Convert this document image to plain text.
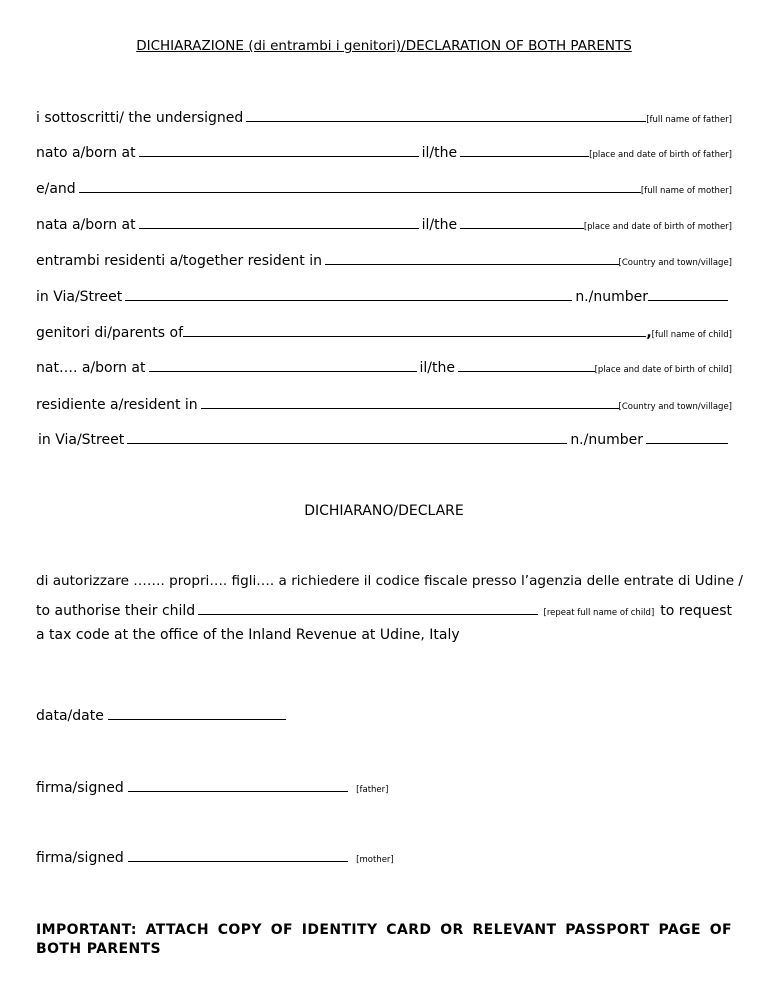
DICHIARAZIONE (di entrambi i genitori)/DECLARATION OF BOTH PARENTS
i sottoscritti/ the undersigned	[full name of father]
nato a/born at	il/the	[place and date of birth of father]
e/and	[full name of mother]
nata a/born at	il/the	[place and date of birth of mother]
entrambi residenti a/together resident in	[Country and town/village]
in Via/Street	n./number
genitori di/parents of	, [full name of child]
nat…. a/born at	il/the	[place and date of birth of child]
residiente a/resident in	[Country and town/village]
in Via/Street	n./number
DICHIARANO/DECLARE
di autorizzare ……. propri…. figli…. a richiedere il codice fiscale presso l’agenzia delle entrate di Udine /
to authorise their child	[repeat full name of child] to request
a tax code at the office of the Inland Revenue at Udine, Italy
data/date
firma/signed	[father]
firma/signed	[mother]
IMPORTANT: ATTACH COPY OF IDENTITY CARD OR RELEVANT PASSPORT PAGE OF BOTH PARENTS
